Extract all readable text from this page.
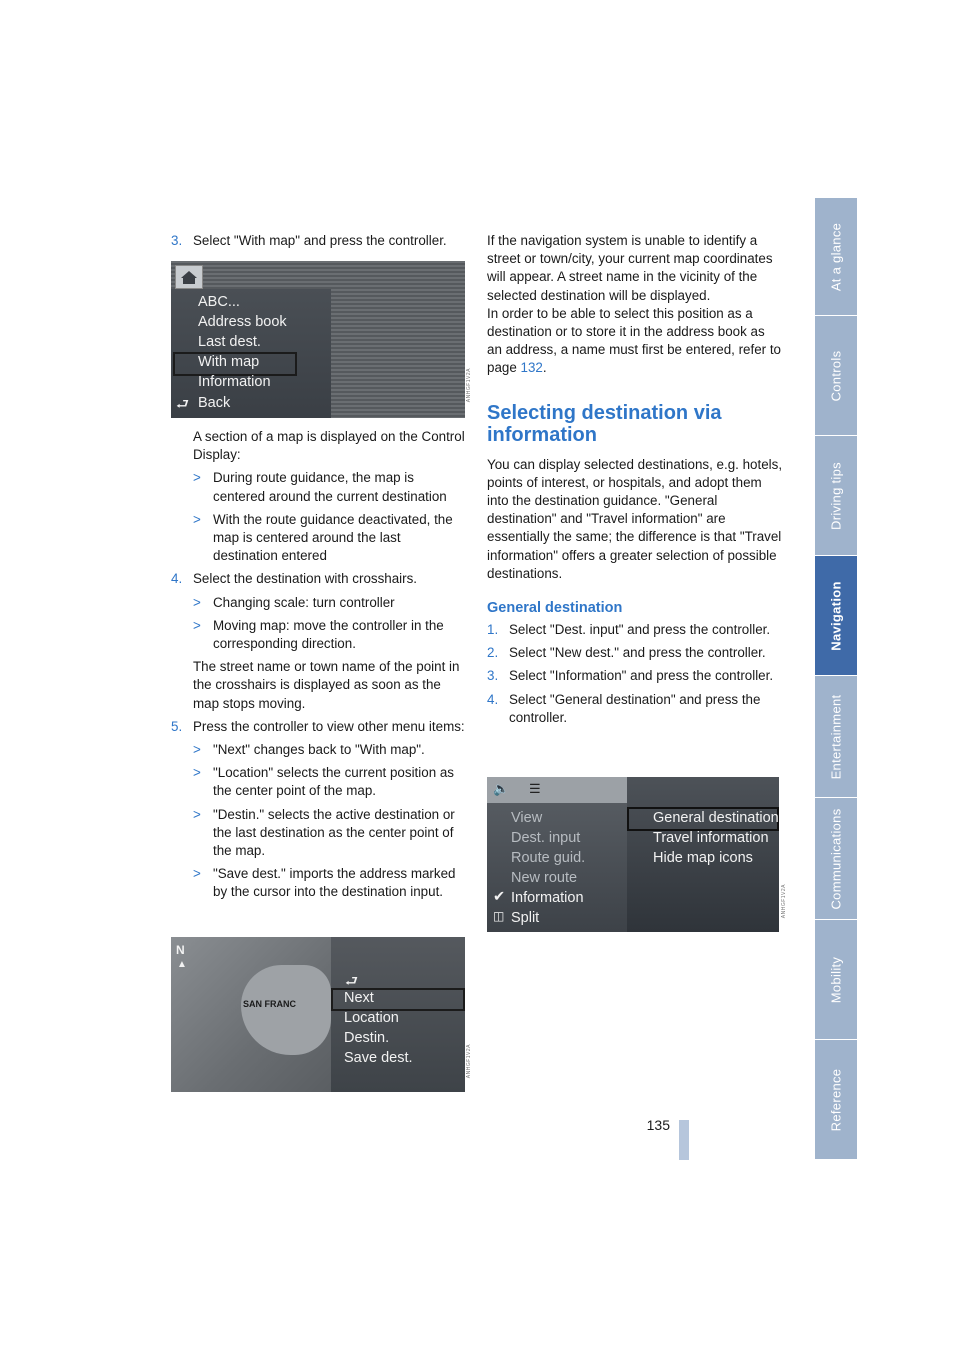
3. Select "With map" and press the controller.
ABC...
Address book
Last dest.
With map
Information
⮐ Back
ANHGF1V2A

A section of a map is displayed on the Control Display:

> During route guidance, the map is centered around the current destination
> With the route guidance deactivated, the map is centered around the last destination entered
4. Select the destination with crosshairs.
> Changing scale: turn controller
> Moving map: move the controller in the corresponding direction.

The street name or town name of the point in the crosshairs is displayed as soon as the map stops moving.

5. Press the controller to view other menu items:
> "Next" changes back to "With map".
> "Location" selects the current position as the center point of the map.
> "Destin." selects the active destination or the last destination as the center point of the map.
> "Save dest." imports the address marked by the cursor into the destination input.
N
▲
SAN FRANC
⮐
Next
Location
Destin.
Save dest.	ANHGF1V2A

If the navigation system is unable to identify a street or town/city, your current map coordinates will appear. A street name in the vicinity of the selected destination will be displayed.

In order to be able to select this position as a destination or to store it in the address book as an address, a name must first be entered, refer to page 132.

Selecting destination via information

You can display selected destinations, e.g. hotels, points of interest, or hospitals, and adopt them into the destination guidance. "General destination" and "Travel information" are essentially the same; the difference is that "Travel information" offers a greater selection of possible destinations.

General destination
1. Select "Dest. input" and press the controller.
2. Select "New dest." and press the controller.
3. Select "Information" and press the controller.
4. Select "General destination" and press the controller.
🔈 ☰
View
Dest. input
Route guid.
New route
✔ Information
◫ Split
General destination
Travel information
Hide map icons
ANHGF1V2A
At a glance
Controls
Driving tips
Navigation
Entertainment
Communications
Mobility
Reference
135
